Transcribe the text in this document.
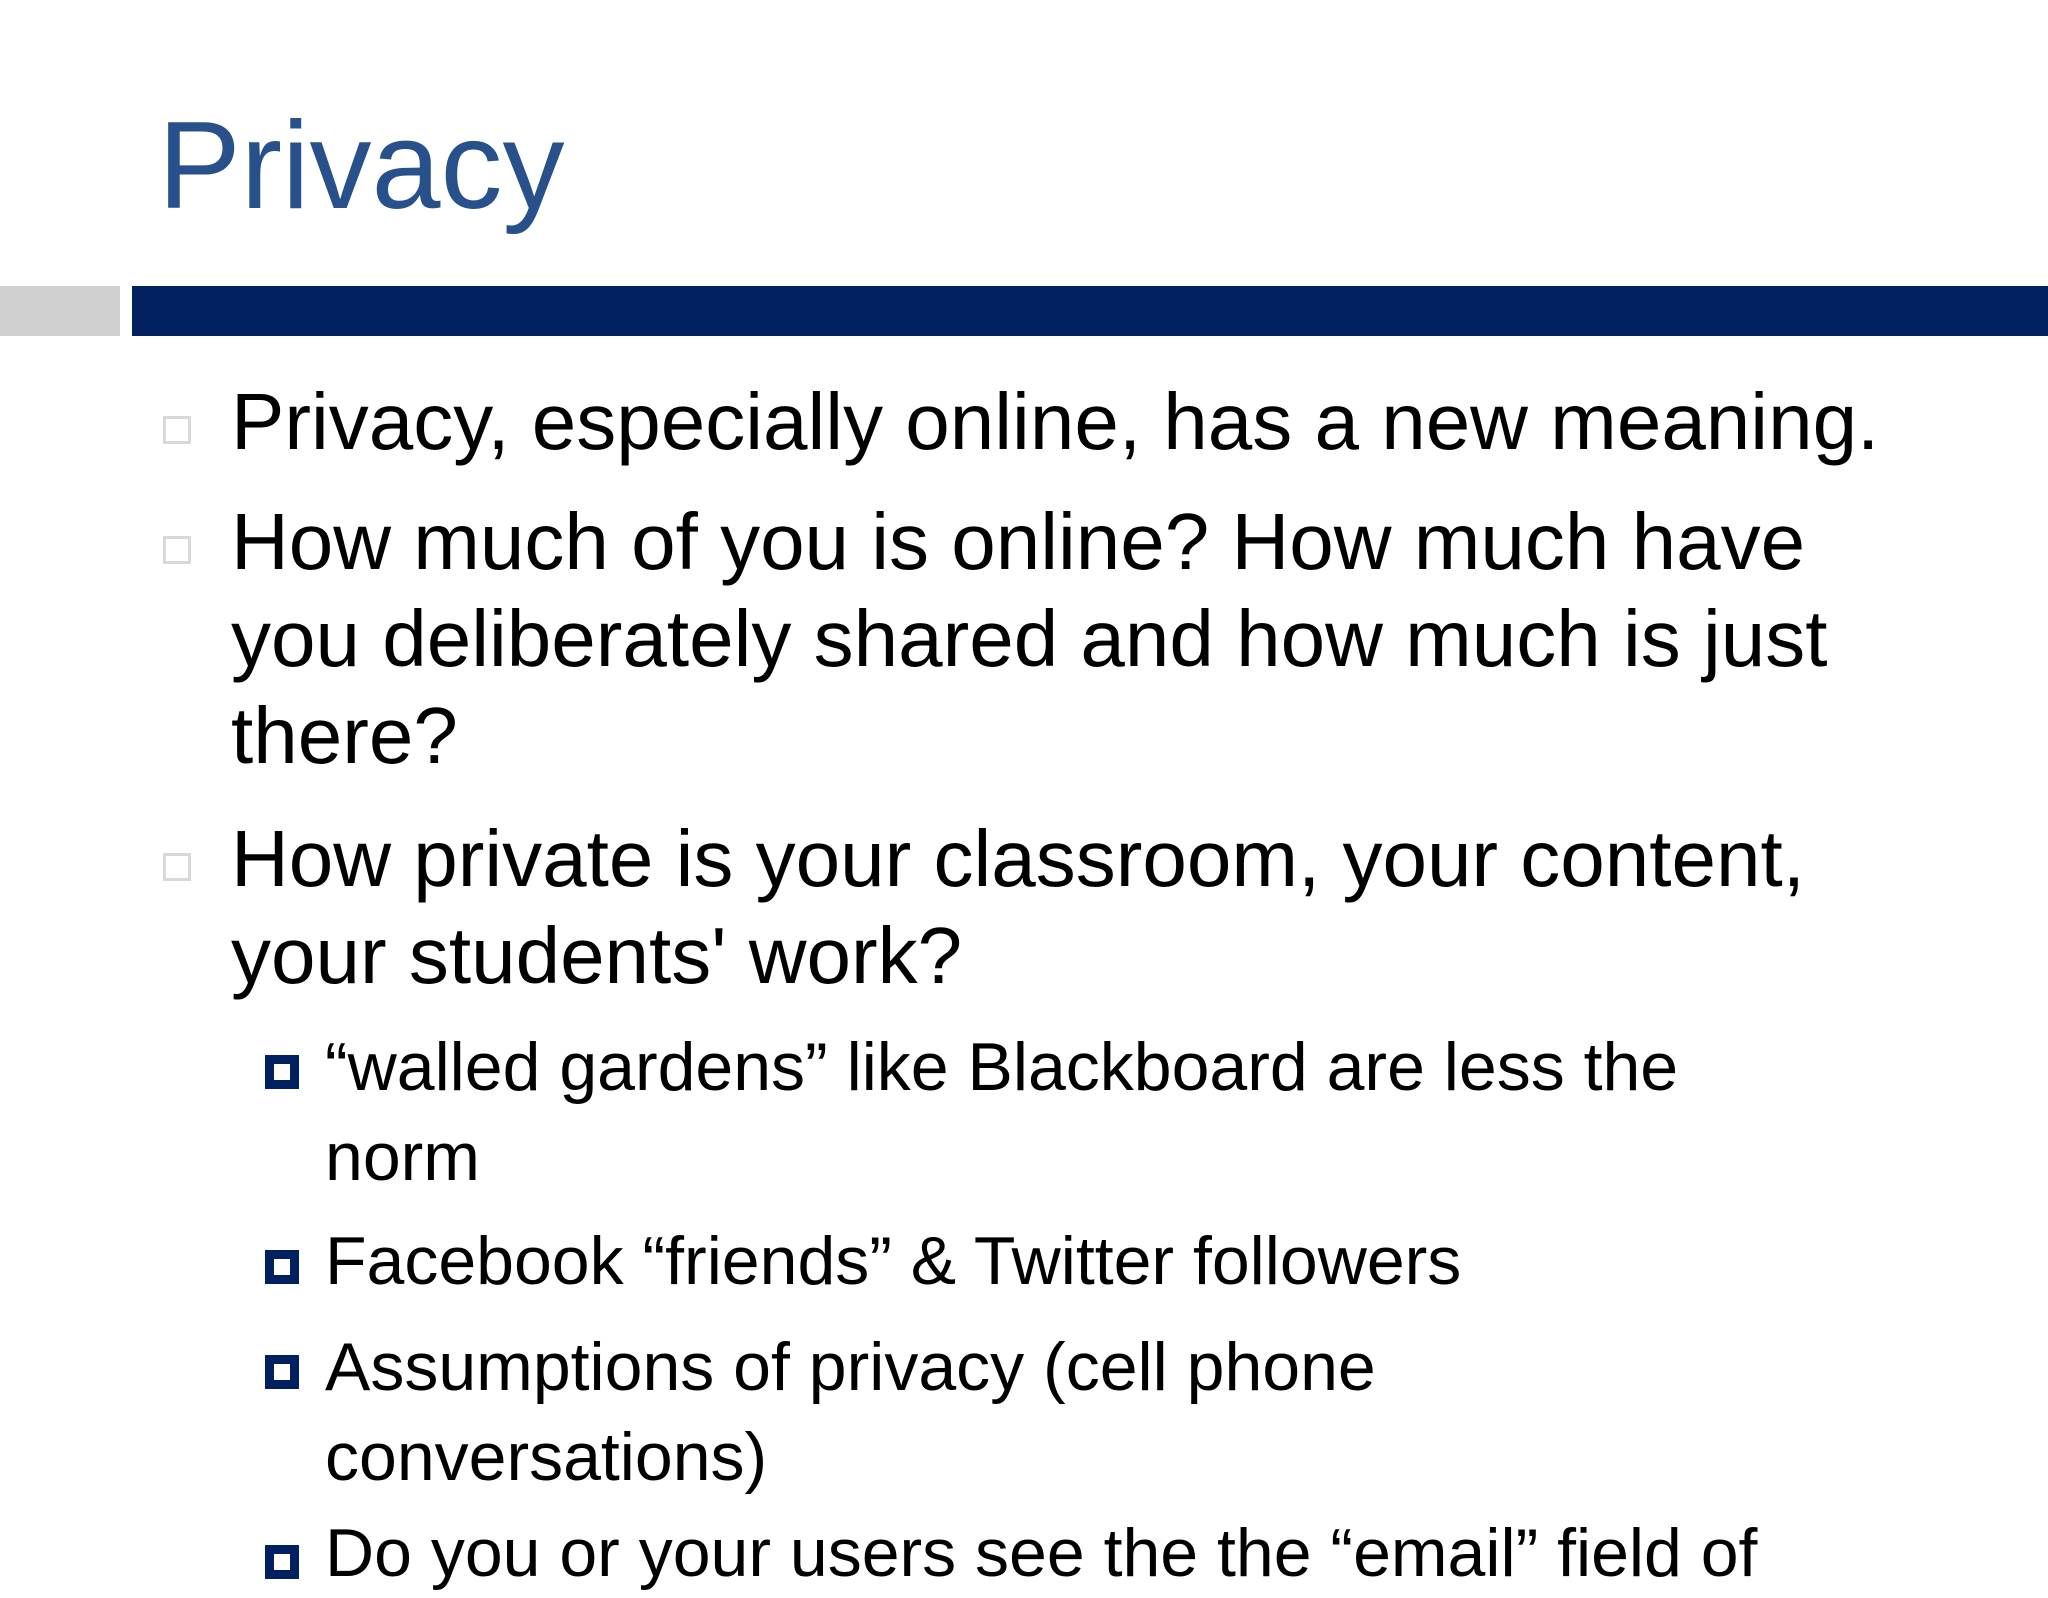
Privacy
Privacy, especially online, has a new meaning.
How much of you is online? How much have
you deliberately shared and how much is just
there?
How private is your classroom, your content,
your students' work?
“walled gardens” like Blackboard are less the
norm
Facebook “friends” & Twitter followers
Assumptions of privacy (cell phone
conversations)
Do you or your users see the the “email” field of
